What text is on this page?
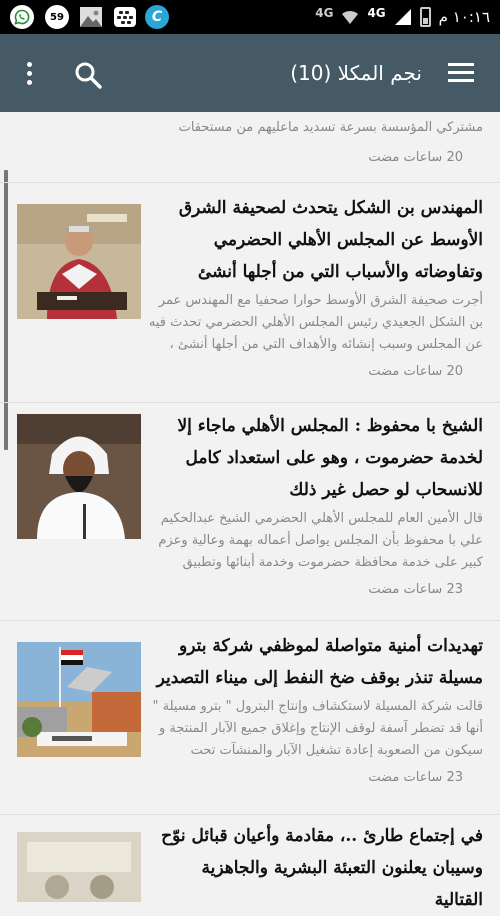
59	C	4G	4G	١٠:١٦ م
نجم المكلا (10)
مشتركي المؤسسة بسرعة تسديد ماعليهم من مستحقات
20 ساعات مضت
المهندس بن الشكل يتحدث لصحيفة الشرق الأوسط عن المجلس الأهلي الحضرمي وتفاوضاته والأسباب التي من أجلها أنشئ
أجرت صحيفة الشرق الأوسط حوارا صحفيا مع المهندس عمر بن الشكل الجعيدي رئيس المجلس الأهلي الحضرمي تحدث فيه عن المجلس وسبب إنشائه والأهداف التي من أجلها أنشئ ،
20 ساعات مضت
الشيخ با محفوظ : المجلس الأهلي ماجاء إلا لخدمة حضرموت ، وهو على استعداد كامل للانسحاب لو حصل غير ذلك
قال الأمين العام للمجلس الأهلي الحضرمي الشيخ عبدالحكيم علي با محفوظ بأن المجلس يواصل أعماله بهمة وعالية وعزم كبير على خدمة محافظة حضرموت وخدمة أبنائها وتطبيق
23 ساعات مضت
تهديدات أمنية متواصلة لموظفي شركة بترو مسيلة تنذر بوقف ضخ النفط إلى ميناء التصدير
قالت شركة المسيلة لاستكشاف وإنتاج البترول " بترو مسيلة " أنها قد تضطر آسفة لوقف الإنتاج وإغلاق جميع الآبار المنتجة و سيكون من الصعوبة إعادة تشغيل الآبار والمنشآت تحت
23 ساعات مضت
في إجتماع طارئ ..، مقادمة وأعيان قبائل نوّح وسيبان يعلنون التعبئة البشرية والجاهزية القتالية
